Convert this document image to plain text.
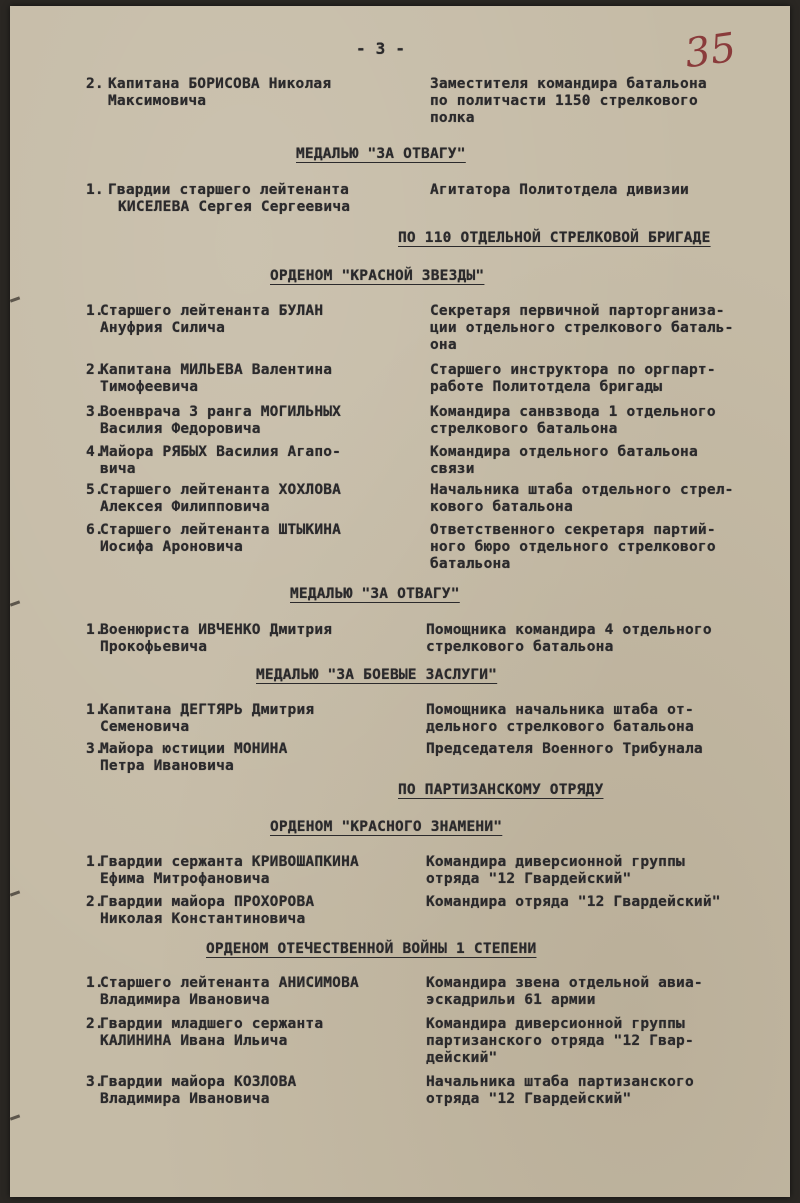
- 3 -	35
2. Капитана БОРИСОВА Николая
Максимовича
Заместителя командира батальона
по политчасти 1150 стрелкового
полка
МЕДАЛЬЮ "ЗА ОТВАГУ"
1. Гвардии старшего лейтенанта
КИСЕЛЕВА Сергея Сергеевича
Агитатора Политотдела дивизии
ПО 110 ОТДЕЛЬНОЙ СТРЕЛКОВОЙ БРИГАДЕ
ОРДЕНОМ "КРАСНОЙ ЗВЕЗДЫ"
1.
Старшего лейтенанта БУЛАН
Ануфрия Силича
Секретаря первичной парторганиза-
ции отдельного стрелкового баталь-
она
2.
Капитана МИЛЬЕВА Валентина
Тимофеевича
Старшего инструктора по оргпарт-
работе Политотдела бригады
3.
Военврача 3 ранга МОГИЛЬНЫХ
Василия Федоровича
Командира санвзвода 1 отдельного
стрелкового батальона
4.
Майора РЯБЫХ Василия Агапо-
вича
Командира отдельного батальона
связи
5.
Старшего лейтенанта ХОХЛОВА
Алексея Филипповича
Начальника штаба отдельного стрел-
кового батальона
6.
Старшего лейтенанта ШТЫКИНА
Иосифа Ароновича
Ответственного секретаря партий-
ного бюро отдельного стрелкового
батальона
МЕДАЛЬЮ "ЗА ОТВАГУ"
1.
Военюриста ИВЧЕНКО Дмитрия
Прокофьевича
Помощника командира 4 отдельного
стрелкового батальона
МЕДАЛЬЮ "ЗА БОЕВЫЕ ЗАСЛУГИ"
1.
Капитана ДЕГТЯРЬ Дмитрия
Семеновича
Помощника начальника штаба от-
дельного стрелкового батальона
3.
Майора юстиции МОНИНА
Петра Ивановича
Председателя Военного Трибунала
ПО ПАРТИЗАНСКОМУ ОТРЯДУ
ОРДЕНОМ "КРАСНОГО ЗНАМЕНИ"
1.
Гвардии сержанта КРИВОШАПКИНА
Ефима Митрофановича
Командира диверсионной группы
отряда "12 Гвардейский"
2.
Гвардии майора ПРОХОРОВА
Николая Константиновича
Командира отряда "12 Гвардейский"
ОРДЕНОМ ОТЕЧЕСТВЕННОЙ ВОЙНЫ 1 СТЕПЕНИ
1.
Старшего лейтенанта АНИСИМОВА
Владимира Ивановича
Командира звена отдельной авиа-
эскадрильи 61 армии
2.
Гвардии младшего сержанта
КАЛИНИНА Ивана Ильича
Командира диверсионной группы
партизанского отряда "12 Гвар-
дейский"
3.
Гвардии майора КОЗЛОВА
Владимира Ивановича
Начальника штаба партизанского
отряда "12 Гвардейский"
